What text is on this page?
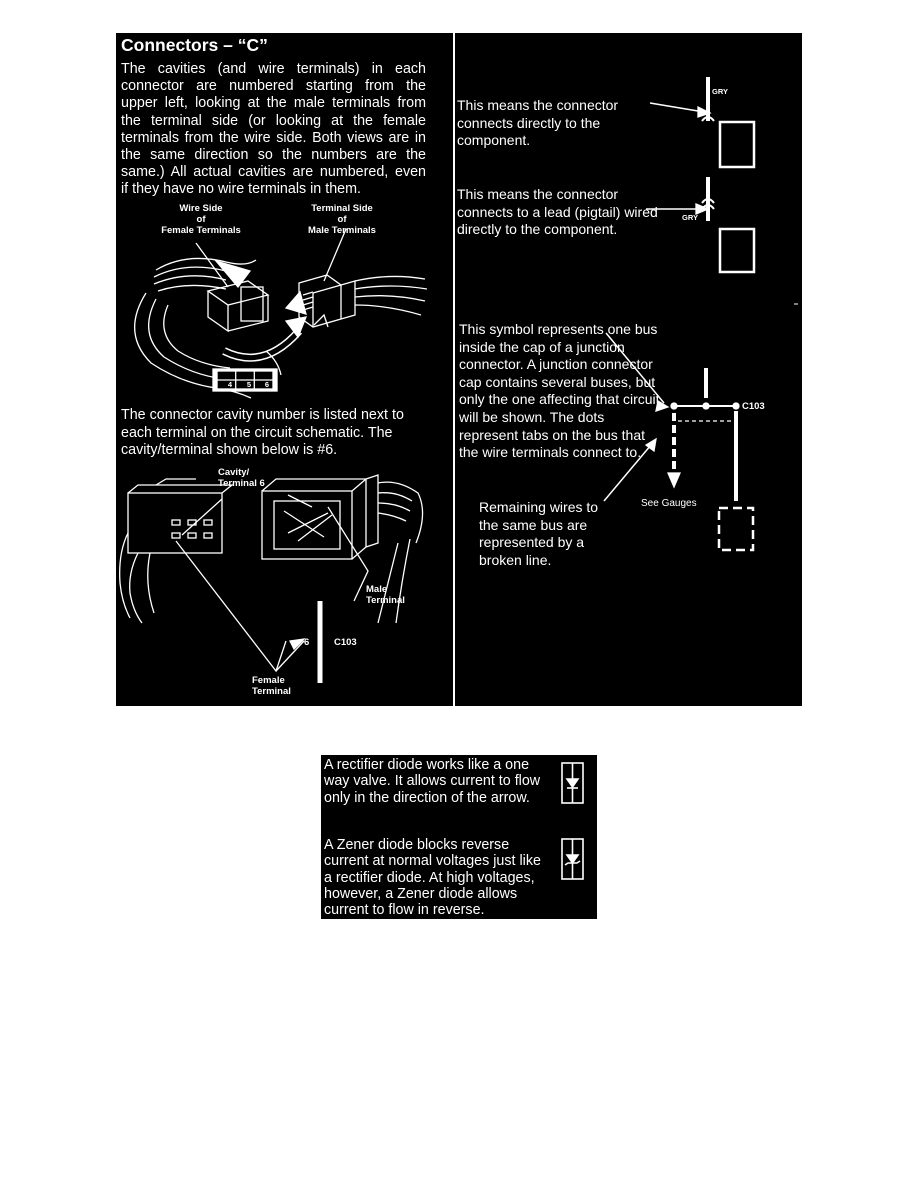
Connectors – “C”
The cavities (and wire terminals) in each
connector are numbered starting from the
upper left, looking at the male terminals from
the terminal side (or looking at the female
terminals from the wire side. Both views are in
the same direction so the numbers are the
same.) All actual cavities are numbered, even
if they have no wire terminals in them.
Wire Side
of
Female Terminals
Terminal Side
of
Male Terminals
1	2	3
4	5	6
The connector cavity number is listed next to each terminal on the circuit schematic. The cavity/terminal shown below is #6.
Cavity/
Terminal 6
Male
Terminal
Female
Terminal
6	C103
This means the connector connects directly to the component.
GRY
This means the connector connects to a lead (pigtail) wired directly to the component.
GRY
This symbol represents one bus inside the cap of a junction connector. A junction connector cap contains several buses, but only the one affecting that circuit will be shown. The dots represent tabs on the bus that the wire terminals connect to.
C103
Remaining wires to the same bus are represented by a broken line.
See Gauges
A rectifier diode works like a one way valve. It allows current to flow only in the direction of the arrow.
A Zener diode blocks reverse current at normal voltages just like a rectifier diode. At high voltages, however, a Zener diode allows current to flow in reverse.
